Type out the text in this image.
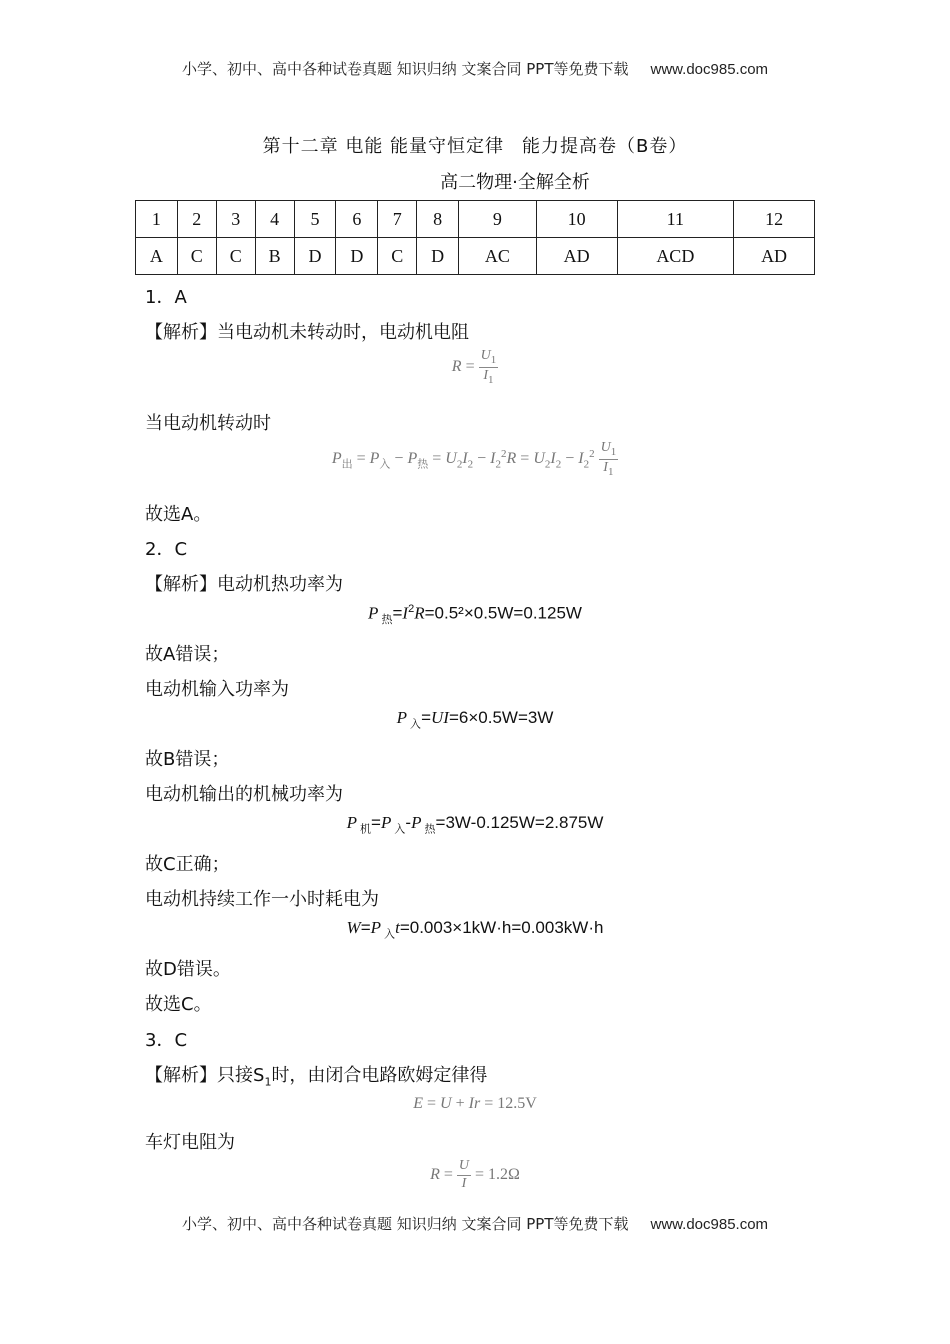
小学、初中、高中各种试卷真题 知识归纳 文案合同 PPT等免费下载 www.doc985.com
第十二章 电能 能量守恒定律 能力提高卷（B卷）
高二物理·全解全析
1	2	3	4	5	6	7	8	9	10	11	12
A	C	C	B	D	D	C	D	AC	AD	ACD	AD
1．A
【解析】当电动机未转动时，电动机电阻
$R = \frac{U_1}{I_1}$
当电动机转动时
$P_出 = P_入 - P_热 = U_2I_2 - I_2^2R = U_2I_2 - I_2^2 \frac{U_1}{I_1}$
故选A。
2．C
【解析】电动机热功率为
P $_热=I^2R=0.5^2\times 0.5W=0.125W$
故A错误；
电动机输入功率为
P $_入$=UI=6×0.5W=3W
故B错误；
电动机输出的机械功率为
P $_机$=P $_入$-P $_热$=3W-0.125W=2.875W
故C正确；
电动机持续工作一小时耗电为
W=P $_入$t=0.003×1kW·h=0.003kW·h
故D错误。
故选C。
3．C
【解析】只接$S_1$时，由闭合电路欧姆定律得
E = U + Ir = 12.5V
车灯电阻为
$R = \frac{U}{I} = 1.2\Omega$
小学、初中、高中各种试卷真题 知识归纳 文案合同 PPT等免费下载 www.doc985.com
